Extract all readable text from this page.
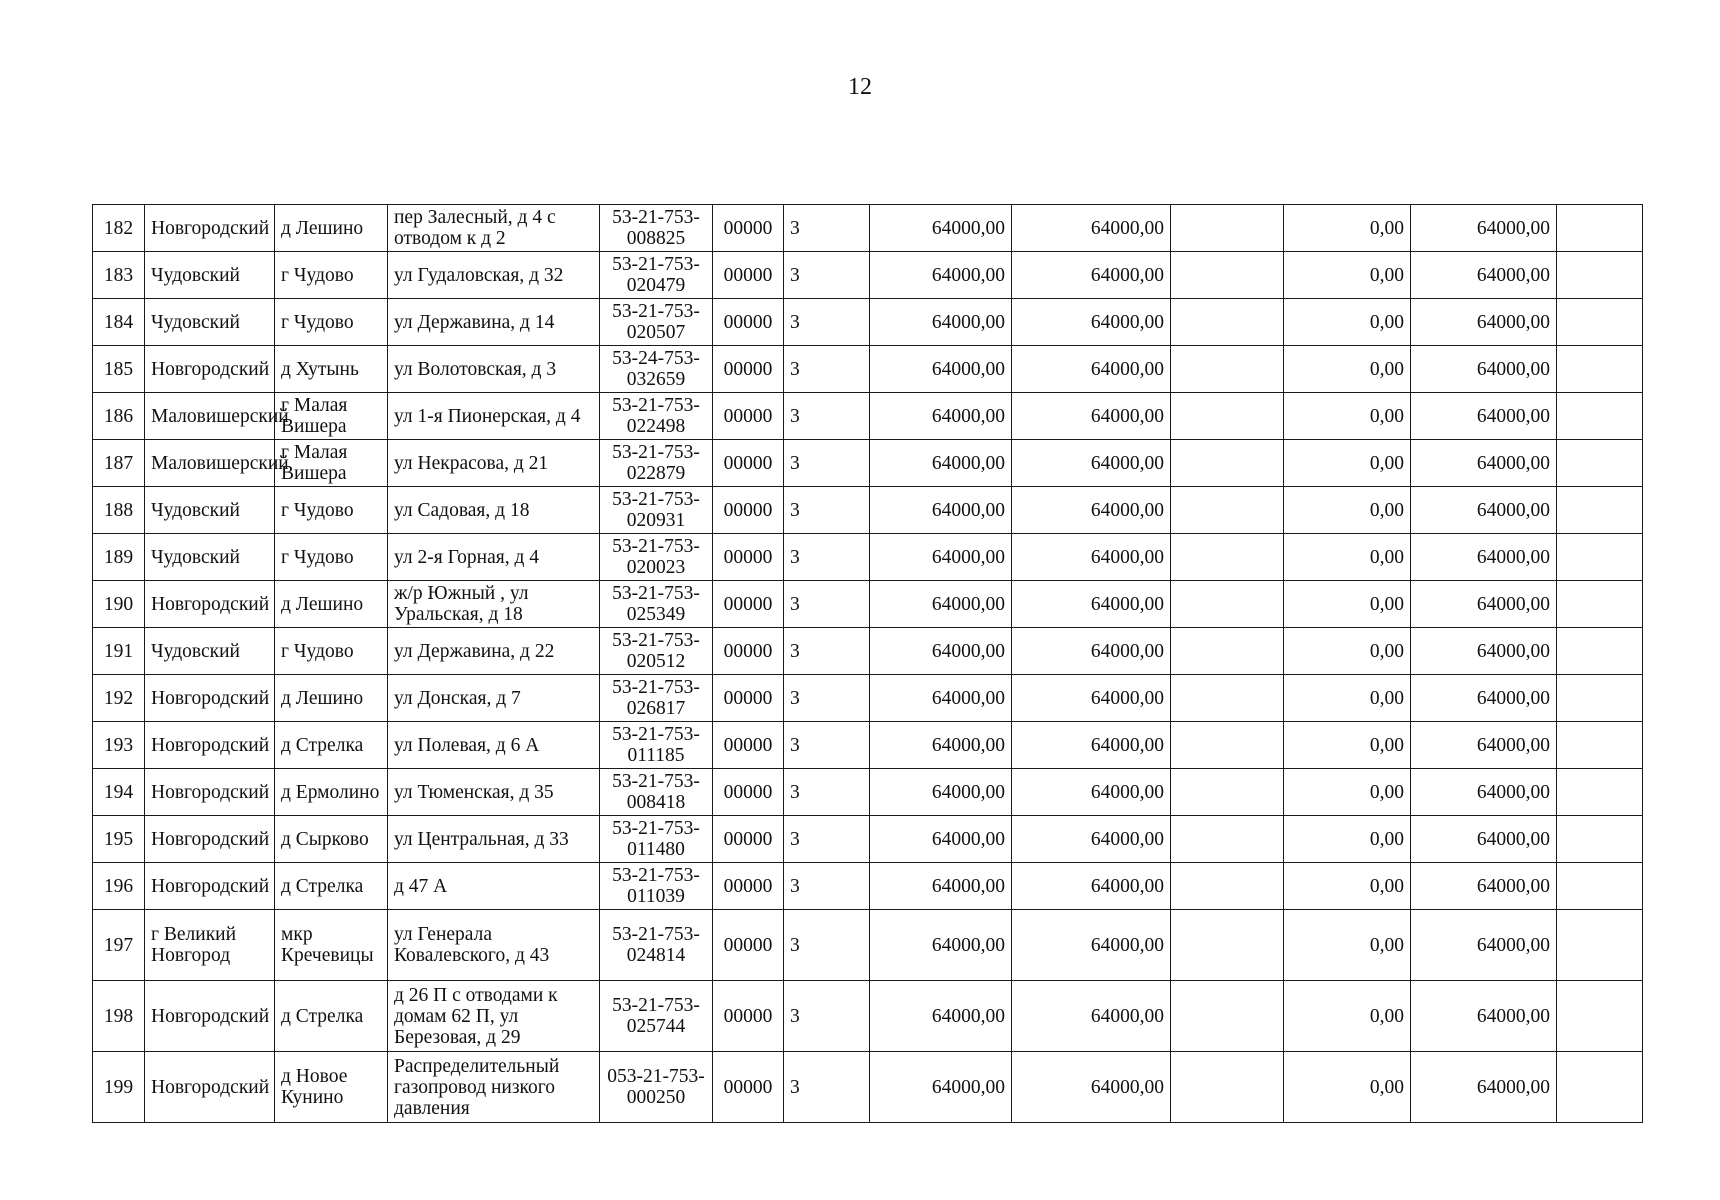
12
182	Новгородский	д Лешино	пер Залесный, д 4 с отводом к д 2	53-21-753-008825	00000	3	64000,00	64000,00		0,00	64000,00	
183	Чудовский	г Чудово	ул Гудаловская, д 32	53-21-753-020479	00000	3	64000,00	64000,00		0,00	64000,00	
184	Чудовский	г Чудово	ул Державина, д 14	53-21-753-020507	00000	3	64000,00	64000,00		0,00	64000,00	
185	Новгородский	д Хутынь	ул Волотовская, д 3	53-24-753-032659	00000	3	64000,00	64000,00		0,00	64000,00	
186	Маловишерский	г Малая Вишера	ул 1-я Пионерская, д 4	53-21-753-022498	00000	3	64000,00	64000,00		0,00	64000,00	
187	Маловишерский	г Малая Вишера	ул Некрасова, д 21	53-21-753-022879	00000	3	64000,00	64000,00		0,00	64000,00	
188	Чудовский	г Чудово	ул Садовая, д 18	53-21-753-020931	00000	3	64000,00	64000,00		0,00	64000,00	
189	Чудовский	г Чудово	ул 2-я Горная, д 4	53-21-753-020023	00000	3	64000,00	64000,00		0,00	64000,00	
190	Новгородский	д Лешино	ж/р Южный , ул Уральская, д 18	53-21-753-025349	00000	3	64000,00	64000,00		0,00	64000,00	
191	Чудовский	г Чудово	ул Державина, д 22	53-21-753-020512	00000	3	64000,00	64000,00		0,00	64000,00	
192	Новгородский	д Лешино	ул Донская, д 7	53-21-753-026817	00000	3	64000,00	64000,00		0,00	64000,00	
193	Новгородский	д Стрелка	ул Полевая, д 6 А	53-21-753-011185	00000	3	64000,00	64000,00		0,00	64000,00	
194	Новгородский	д Ермолино	ул Тюменская, д 35	53-21-753-008418	00000	3	64000,00	64000,00		0,00	64000,00	
195	Новгородский	д Сырково	ул Центральная, д 33	53-21-753-011480	00000	3	64000,00	64000,00		0,00	64000,00	
196	Новгородский	д Стрелка	д 47 А	53-21-753-011039	00000	3	64000,00	64000,00		0,00	64000,00	
197	г Великий Новгород	мкр Кречевицы	ул Генерала Ковалевского, д 43	53-21-753-024814	00000	3	64000,00	64000,00		0,00	64000,00	
198	Новгородский	д Стрелка	д 26 П с отводами к домам 62 П, ул Березовая, д 29	53-21-753-025744	00000	3	64000,00	64000,00		0,00	64000,00	
199	Новгородский	д Новое Кунино	Распределительный газопровод низкого давления	053-21-753-000250	00000	3	64000,00	64000,00		0,00	64000,00	
